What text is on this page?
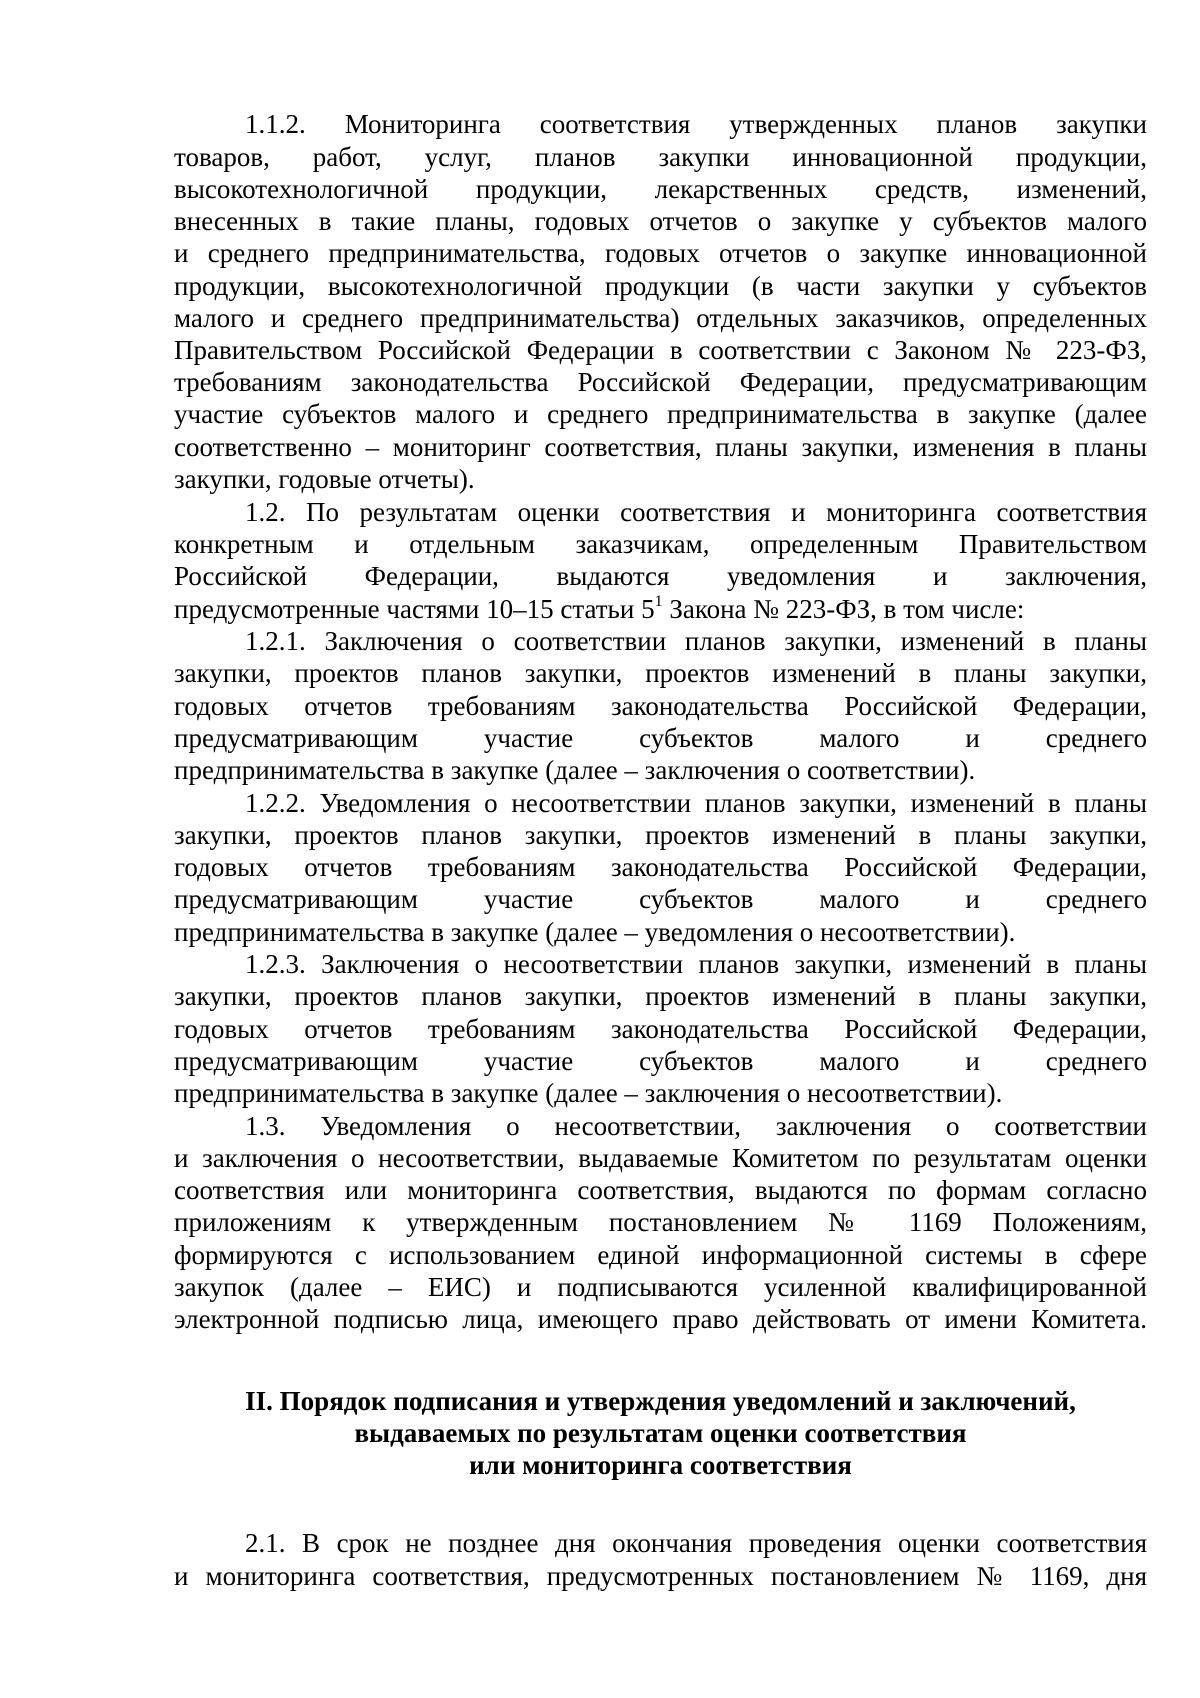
1.1.2. Мониторинга соответствия утвержденных планов закупки
товаров, работ, услуг, планов закупки инновационной продукции,
высокотехнологичной продукции, лекарственных средств, изменений,
внесенных в такие планы, годовых отчетов о закупке у субъектов малого
и среднего предпринимательства, годовых отчетов о закупке инновационной
продукции, высокотехнологичной продукции (в части закупки у субъектов
малого и среднего предпринимательства) отдельных заказчиков, определенных
Правительством Российской Федерации в соответствии с Законом № 223-ФЗ,
требованиям законодательства Российской Федерации, предусматривающим
участие субъектов малого и среднего предпринимательства в закупке (далее
соответственно – мониторинг соответствия, планы закупки, изменения в планы
закупки, годовые отчеты).
1.2. По результатам оценки соответствия и мониторинга соответствия
конкретным и отдельным заказчикам, определенным Правительством
Российской Федерации, выдаются уведомления и заключения,
предусмотренные частями 10–15 статьи $5^1$ Закона № 223-ФЗ, в том числе:
1.2.1. Заключения о соответствии планов закупки, изменений в планы
закупки, проектов планов закупки, проектов изменений в планы закупки,
годовых отчетов требованиям законодательства Российской Федерации,
предусматривающим участие субъектов малого и среднего
предпринимательства в закупке (далее – заключения о соответствии).
1.2.2. Уведомления о несоответствии планов закупки, изменений в планы
закупки, проектов планов закупки, проектов изменений в планы закупки,
годовых отчетов требованиям законодательства Российской Федерации,
предусматривающим участие субъектов малого и среднего
предпринимательства в закупке (далее – уведомления о несоответствии).
1.2.3. Заключения о несоответствии планов закупки, изменений в планы
закупки, проектов планов закупки, проектов изменений в планы закупки,
годовых отчетов требованиям законодательства Российской Федерации,
предусматривающим участие субъектов малого и среднего
предпринимательства в закупке (далее – заключения о несоответствии).
1.3. Уведомления о несоответствии, заключения о соответствии
и заключения о несоответствии, выдаваемые Комитетом по результатам оценки
соответствия или мониторинга соответствия, выдаются по формам согласно
приложениям к утвержденным постановлением № 1169 Положениям,
формируются с использованием единой информационной системы в сфере
закупок (далее – ЕИС) и подписываются усиленной квалифицированной
электронной подписью лица, имеющего право действовать от имени Комитета.
II. Порядок подписания и утверждения уведомлений и заключений,
выдаваемых по результатам оценки соответствия
или мониторинга соответствия
2.1. В срок не позднее дня окончания проведения оценки соответствия
и мониторинга соответствия, предусмотренных постановлением № 1169, дня
